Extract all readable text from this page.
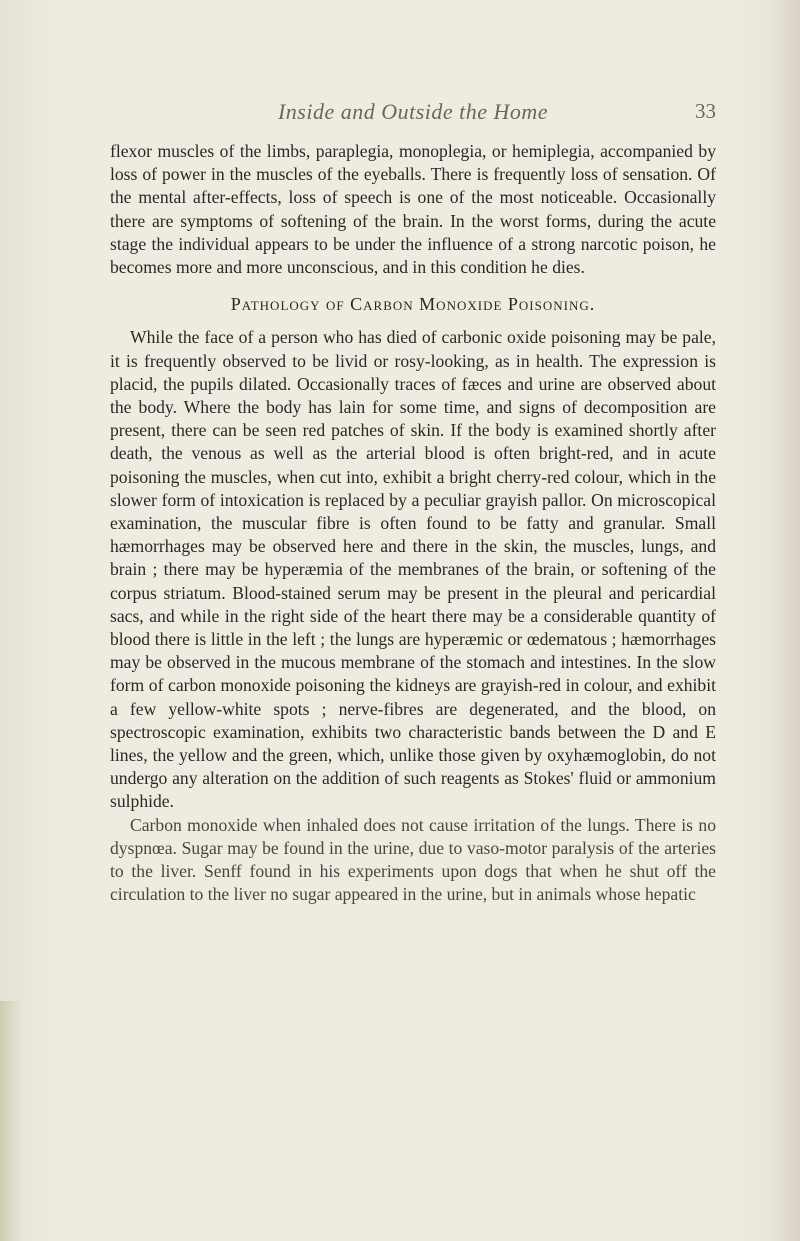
Inside and Outside the Home	33

flexor muscles of the limbs, paraplegia, monoplegia, or hemiplegia, accompanied by loss of power in the muscles of the eyeballs. There is frequently loss of sensation. Of the mental after-effects, loss of speech is one of the most noticeable. Occasionally there are symptoms of softening of the brain. In the worst forms, during the acute stage the individual appears to be under the influence of a strong narcotic poison, he becomes more and more unconscious, and in this condition he dies.

Pathology of Carbon Monoxide Poisoning.

While the face of a person who has died of carbonic oxide poisoning may be pale, it is frequently observed to be livid or rosy-looking, as in health. The expression is placid, the pupils dilated. Occasionally traces of fæces and urine are observed about the body. Where the body has lain for some time, and signs of decomposition are present, there can be seen red patches of skin. If the body is examined shortly after death, the venous as well as the arterial blood is often bright-red, and in acute poisoning the muscles, when cut into, exhibit a bright cherry-red colour, which in the slower form of intoxication is replaced by a peculiar grayish pallor. On microscopical examination, the muscular fibre is often found to be fatty and granular. Small hæmorrhages may be observed here and there in the skin, the muscles, lungs, and brain ; there may be hyperæmia of the membranes of the brain, or softening of the corpus striatum. Blood-stained serum may be present in the pleural and pericardial sacs, and while in the right side of the heart there may be a considerable quantity of blood there is little in the left ; the lungs are hyperæmic or œdematous ; hæmorrhages may be observed in the mucous membrane of the stomach and intestines. In the slow form of carbon monoxide poisoning the kidneys are grayish-red in colour, and exhibit a few yellow-white spots ; nerve-fibres are degenerated, and the blood, on spectroscopic examination, exhibits two characteristic bands between the D and E lines, the yellow and the green, which, unlike those given by oxyhæmoglobin, do not undergo any alteration on the addition of such reagents as Stokes' fluid or ammonium sulphide.

Carbon monoxide when inhaled does not cause irritation of the lungs. There is no dyspnœa. Sugar may be found in the urine, due to vaso-motor paralysis of the arteries to the liver. Senff found in his experiments upon dogs that when he shut off the circulation to the liver no sugar appeared in the urine, but in animals whose hepatic
